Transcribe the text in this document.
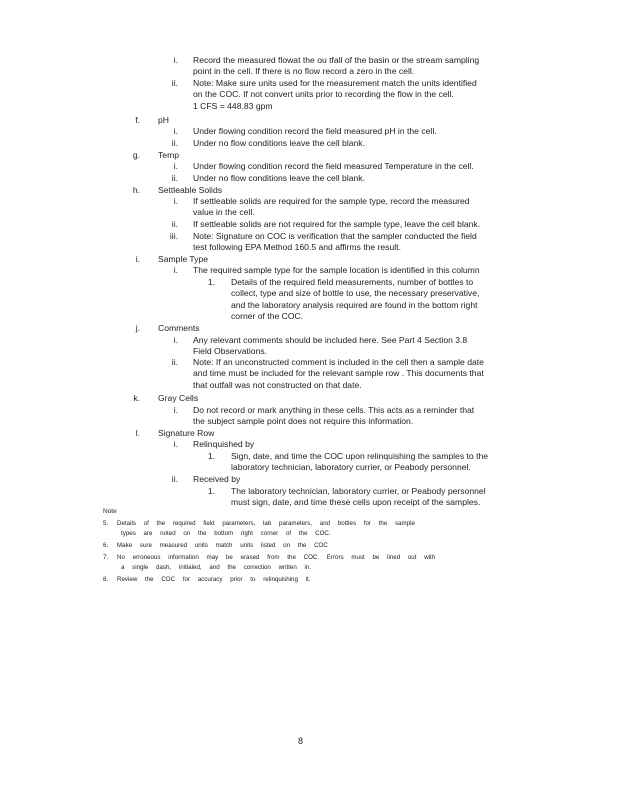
i. Record the measured flowat the ou tfall of the basin or the stream sampling
point in the cell. If there is no flow record a zero in the cell.
ii. Note: Make sure units used for the measurement match the units identified
on the COC. If not convert units prior to recording the flow in the cell.
1 CFS = 448.83 gpm
f. pH
i. Under flowing condition record the field measured pH in the cell.
ii. Under no flow conditions leave the cell blank.
g. Temp
i. Under flowing condition record the field measured Temperature in the cell.
ii. Under no flow conditions leave the cell blank.
h. Settleable Solids
i. If settleable solids are required for the sample type, record the measured
value in the cell.
ii. If settleable solids are not required for the sample type, leave the cell blank.
iii. Note: Signature on COC is verification that the sampler conducted the field
test following EPA Method 160.5 and affirms the result.
i. Sample Type
i. The required sample type for the sample location is identified in this column
1. Details of the required field measurements, number of bottles to
collect, type and size of bottle to use, the necessary preservative,
and the laboratory analysis required are found in the bottom right
corner of the COC.
j. Comments
i. Any relevant comments should be included here. See Part 4 Section 3.8
Field Observations.
ii. Note: If an unconstructed comment is included in the cell then a sample date
and time must be included for the relevant sample row . This documents that
that outfall was not constructed on that date.
k. Gray Cells
i. Do not record or mark anything in these cells. This acts as a reminder that
the subject sample point does not require this information.
l. Signature Row
i. Relinquished by
1. Sign, date, and time the COC upon relinquishing the samples to the
laboratory technician, laboratory currier, or Peabody personnel.
ii. Received by
1. The laboratory technician, laboratory currier, or Peabody personnel
must sign, date, and time these cells upon receipt of the samples.
Note
5. Details of the required field parameters, lab parameters, and bottles for the sample
types are noted on the bottom right corner of the COC.
6. Make sure measured units match units listed on the COC
7. No erroneous information may be erased from the COC. Errors must be lined out with
a single dash, initialed, and the correction written in.
8. Review the COC for accuracy prior to relinquishing it.
8
